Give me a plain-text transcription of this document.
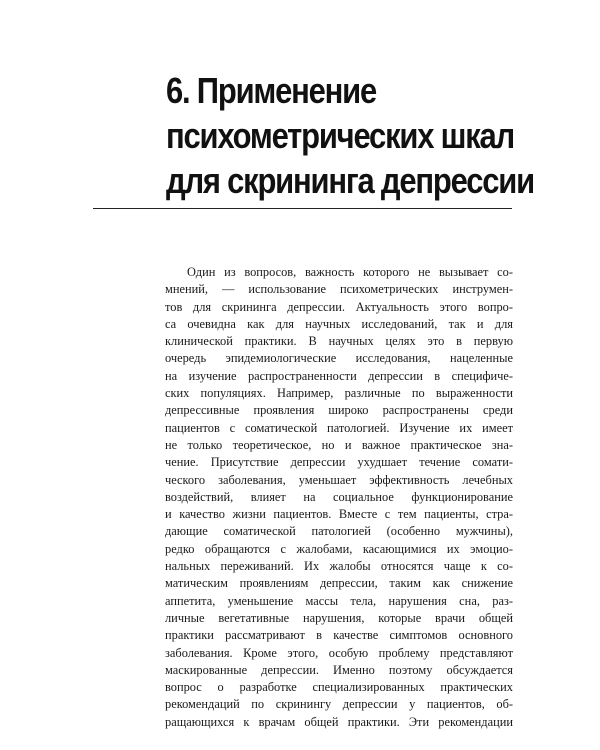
6. Применение
психометрических шкал
для скрининга депрессии
Один из вопросов, важность которого не вызывает со-
мнений, — использование психометрических инструмен-
тов для скрининга депрессии. Актуальность этого вопро-
са очевидна как для научных исследований, так и для
клинической практики. В научных целях это в первую
очередь эпидемиологические исследования, нацеленные
на изучение распространенности депрессии в специфиче-
ских популяциях. Например, различные по выраженности
депрессивные проявления широко распространены среди
пациентов с соматической патологией. Изучение их имеет
не только теоретическое, но и важное практическое зна-
чение. Присутствие депрессии ухудшает течение сомати-
ческого заболевания, уменьшает эффективность лечебных
воздействий, влияет на социальное функционирование
и качество жизни пациентов. Вместе с тем пациенты, стра-
дающие соматической патологией (особенно мужчины),
редко обращаются с жалобами, касающимися их эмоцио-
нальных переживаний. Их жалобы относятся чаще к со-
матическим проявлениям депрессии, таким как снижение
аппетита, уменьшение массы тела, нарушения сна, раз-
личные вегетативные нарушения, которые врачи общей
практики рассматривают в качестве симптомов основного
заболевания. Кроме этого, особую проблему представляют
маскированные депрессии. Именно поэтому обсуждается
вопрос о разработке специализированных практических
рекомендаций по скринингу депрессии у пациентов, об-
ращающихся к врачам общей практики. Эти рекомендации
